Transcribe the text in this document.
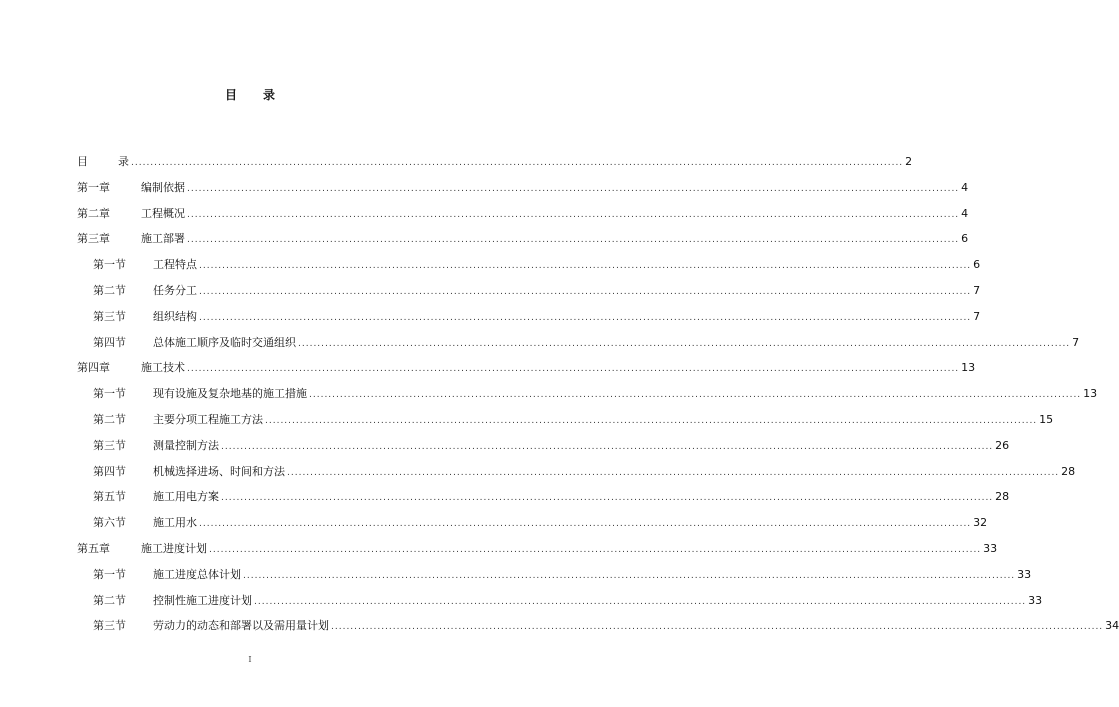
目 录
目	录 ........................................................................................................................................................................................................ 2
第一章	编制依据 ........................................................................................................................................................................................................ 4
第二章	工程概况 ........................................................................................................................................................................................................ 4
第三章	施工部署 ........................................................................................................................................................................................................ 6
第一节 工程特点 ........................................................................................................................................................................................................ 6
第二节 任务分工 ........................................................................................................................................................................................................ 7
第三节 组织结构 ........................................................................................................................................................................................................ 7
第四节 总体施工顺序及临时交通组织 ........................................................................................................................................................................................................ 7
第四章	施工技术 ........................................................................................................................................................................................................ 13
第一节 现有设施及复杂地基的施工措施 ........................................................................................................................................................................................................ 13
第二节 主要分项工程施工方法 ........................................................................................................................................................................................................ 15
第三节 测量控制方法 ........................................................................................................................................................................................................ 26
第四节 机械选择进场、时间和方法 ........................................................................................................................................................................................................ 28
第五节 施工用电方案 ........................................................................................................................................................................................................ 28
第六节 施工用水 ........................................................................................................................................................................................................ 32
第五章	施工进度计划 ........................................................................................................................................................................................................ 33
第一节 施工进度总体计划 ........................................................................................................................................................................................................ 33
第二节 控制性施工进度计划 ........................................................................................................................................................................................................ 33
第三节 劳动力的动态和部署以及需用量计划 ........................................................................................................................................................................................................ 34
I
